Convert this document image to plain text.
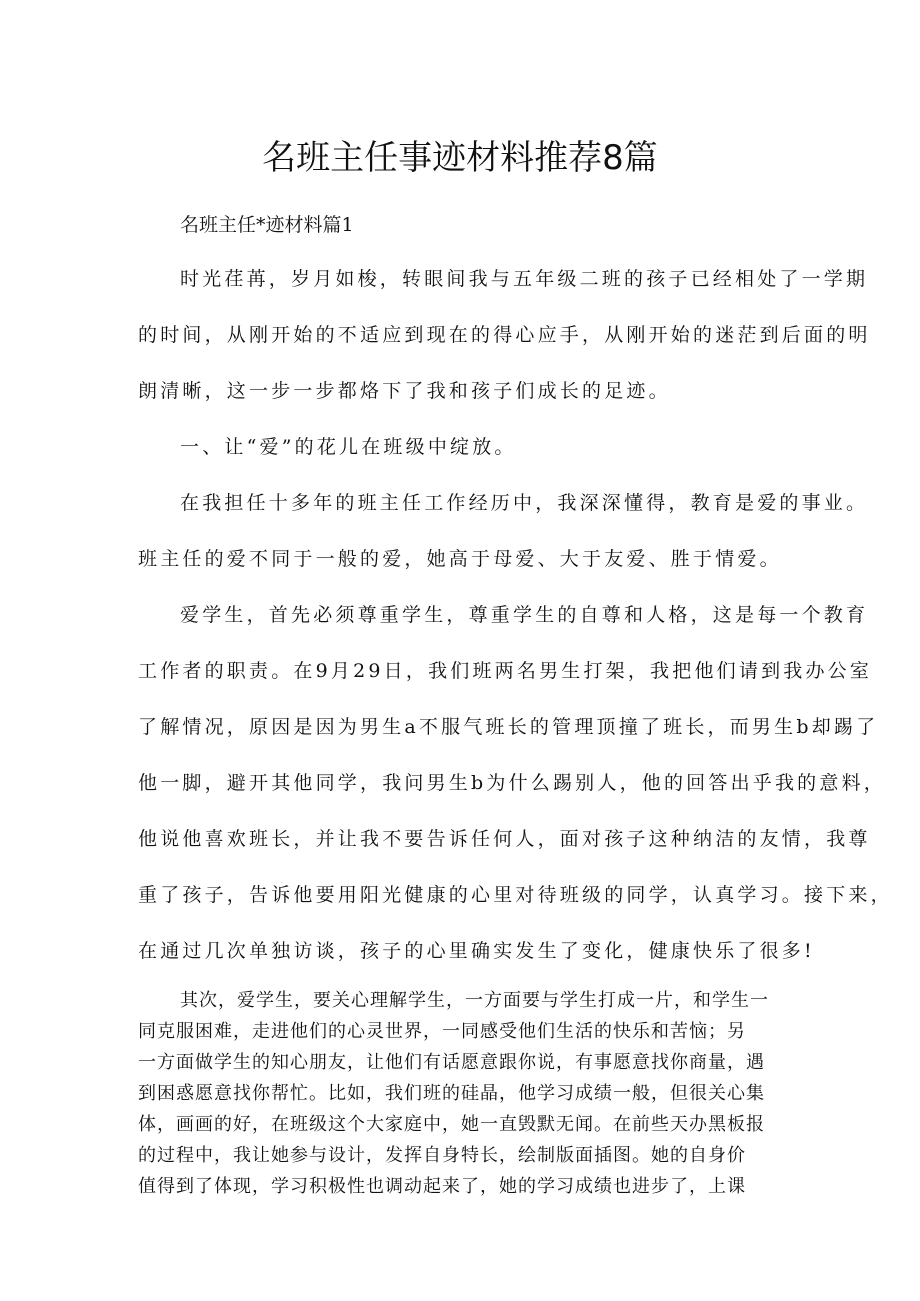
名班主任事迹材料推荐8篇

名班主任*迹材料篇1

时光荏苒，岁月如梭，转眼间我与五年级二班的孩子已经相处了一学期

的时间，从刚开始的不适应到现在的得心应手，从刚开始的迷茫到后面的明

朗清晰，这一步一步都烙下了我和孩子们成长的足迹。

一、让“爱”的花儿在班级中绽放。

在我担任十多年的班主任工作经历中，我深深懂得，教育是爱的事业。

班主任的爱不同于一般的爱，她高于母爱、大于友爱、胜于情爱。

爱学生，首先必须尊重学生，尊重学生的自尊和人格，这是每一个教育

工作者的职责。在9月29日，我们班两名男生打架，我把他们请到我办公室

了解情况，原因是因为男生a不服气班长的管理顶撞了班长，而男生b却踢了

他一脚，避开其他同学，我问男生b为什么踢别人，他的回答出乎我的意料，

他说他喜欢班长，并让我不要告诉任何人，面对孩子这种纳洁的友情，我尊

重了孩子，告诉他要用阳光健康的心里对待班级的同学，认真学习。接下来，

在通过几次单独访谈，孩子的心里确实发生了变化，健康快乐了很多!

其次，爱学生，要关心理解学生，一方面要与学生打成一片，和学生一

同克服困难，走进他们的心灵世界，一同感受他们生活的快乐和苦恼；另

一方面做学生的知心朋友，让他们有话愿意跟你说，有事愿意找你商量，遇

到困惑愿意找你帮忙。比如，我们班的硅晶，他学习成绩一般，但很关心集

体，画画的好，在班级这个大家庭中，她一直毁默无闻。在前些天办黑板报

的过程中，我让她参与设计，发挥自身特长，绘制版面插图。她的自身价

值得到了体现，学习积极性也调动起来了，她的学习成绩也进步了，上课
